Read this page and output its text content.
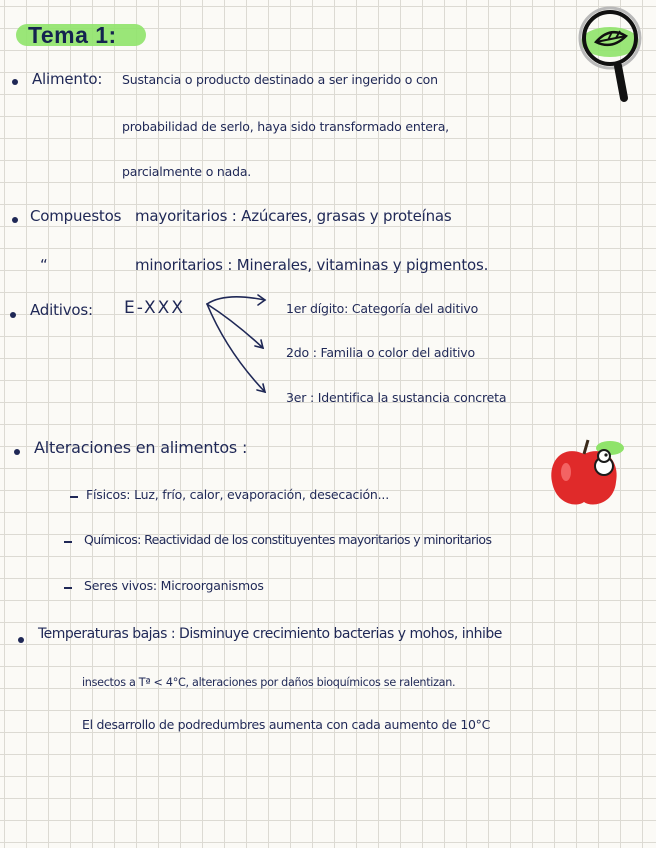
Tema 1:
Alimento: Sustancia o producto destinado a ser ingerido o con
probabilidad de serlo, haya sido transformado entera,
parcialmente o nada.
Compuestos mayoritarios : Azúcares, grasas y proteínas
“	minoritarios : Minerales, vitaminas y pigmentos.
Aditivos: E-XXX	1er dígito: Categoría del aditivo
2do : Familia o color del aditivo
3er : Identifica la sustancia concreta
Alteraciones en alimentos :
Físicos: Luz, frío, calor, evaporación, desecación...
Químicos: Reactividad de los constituyentes mayoritarios y minoritarios
Seres vivos: Microorganismos
Temperaturas bajas : Disminuye crecimiento bacterias y mohos, inhibe
insectos a Tª < 4°C, alteraciones por daños bioquímicos se ralentizan.
El desarrollo de podredumbres aumenta con cada aumento de 10°C
